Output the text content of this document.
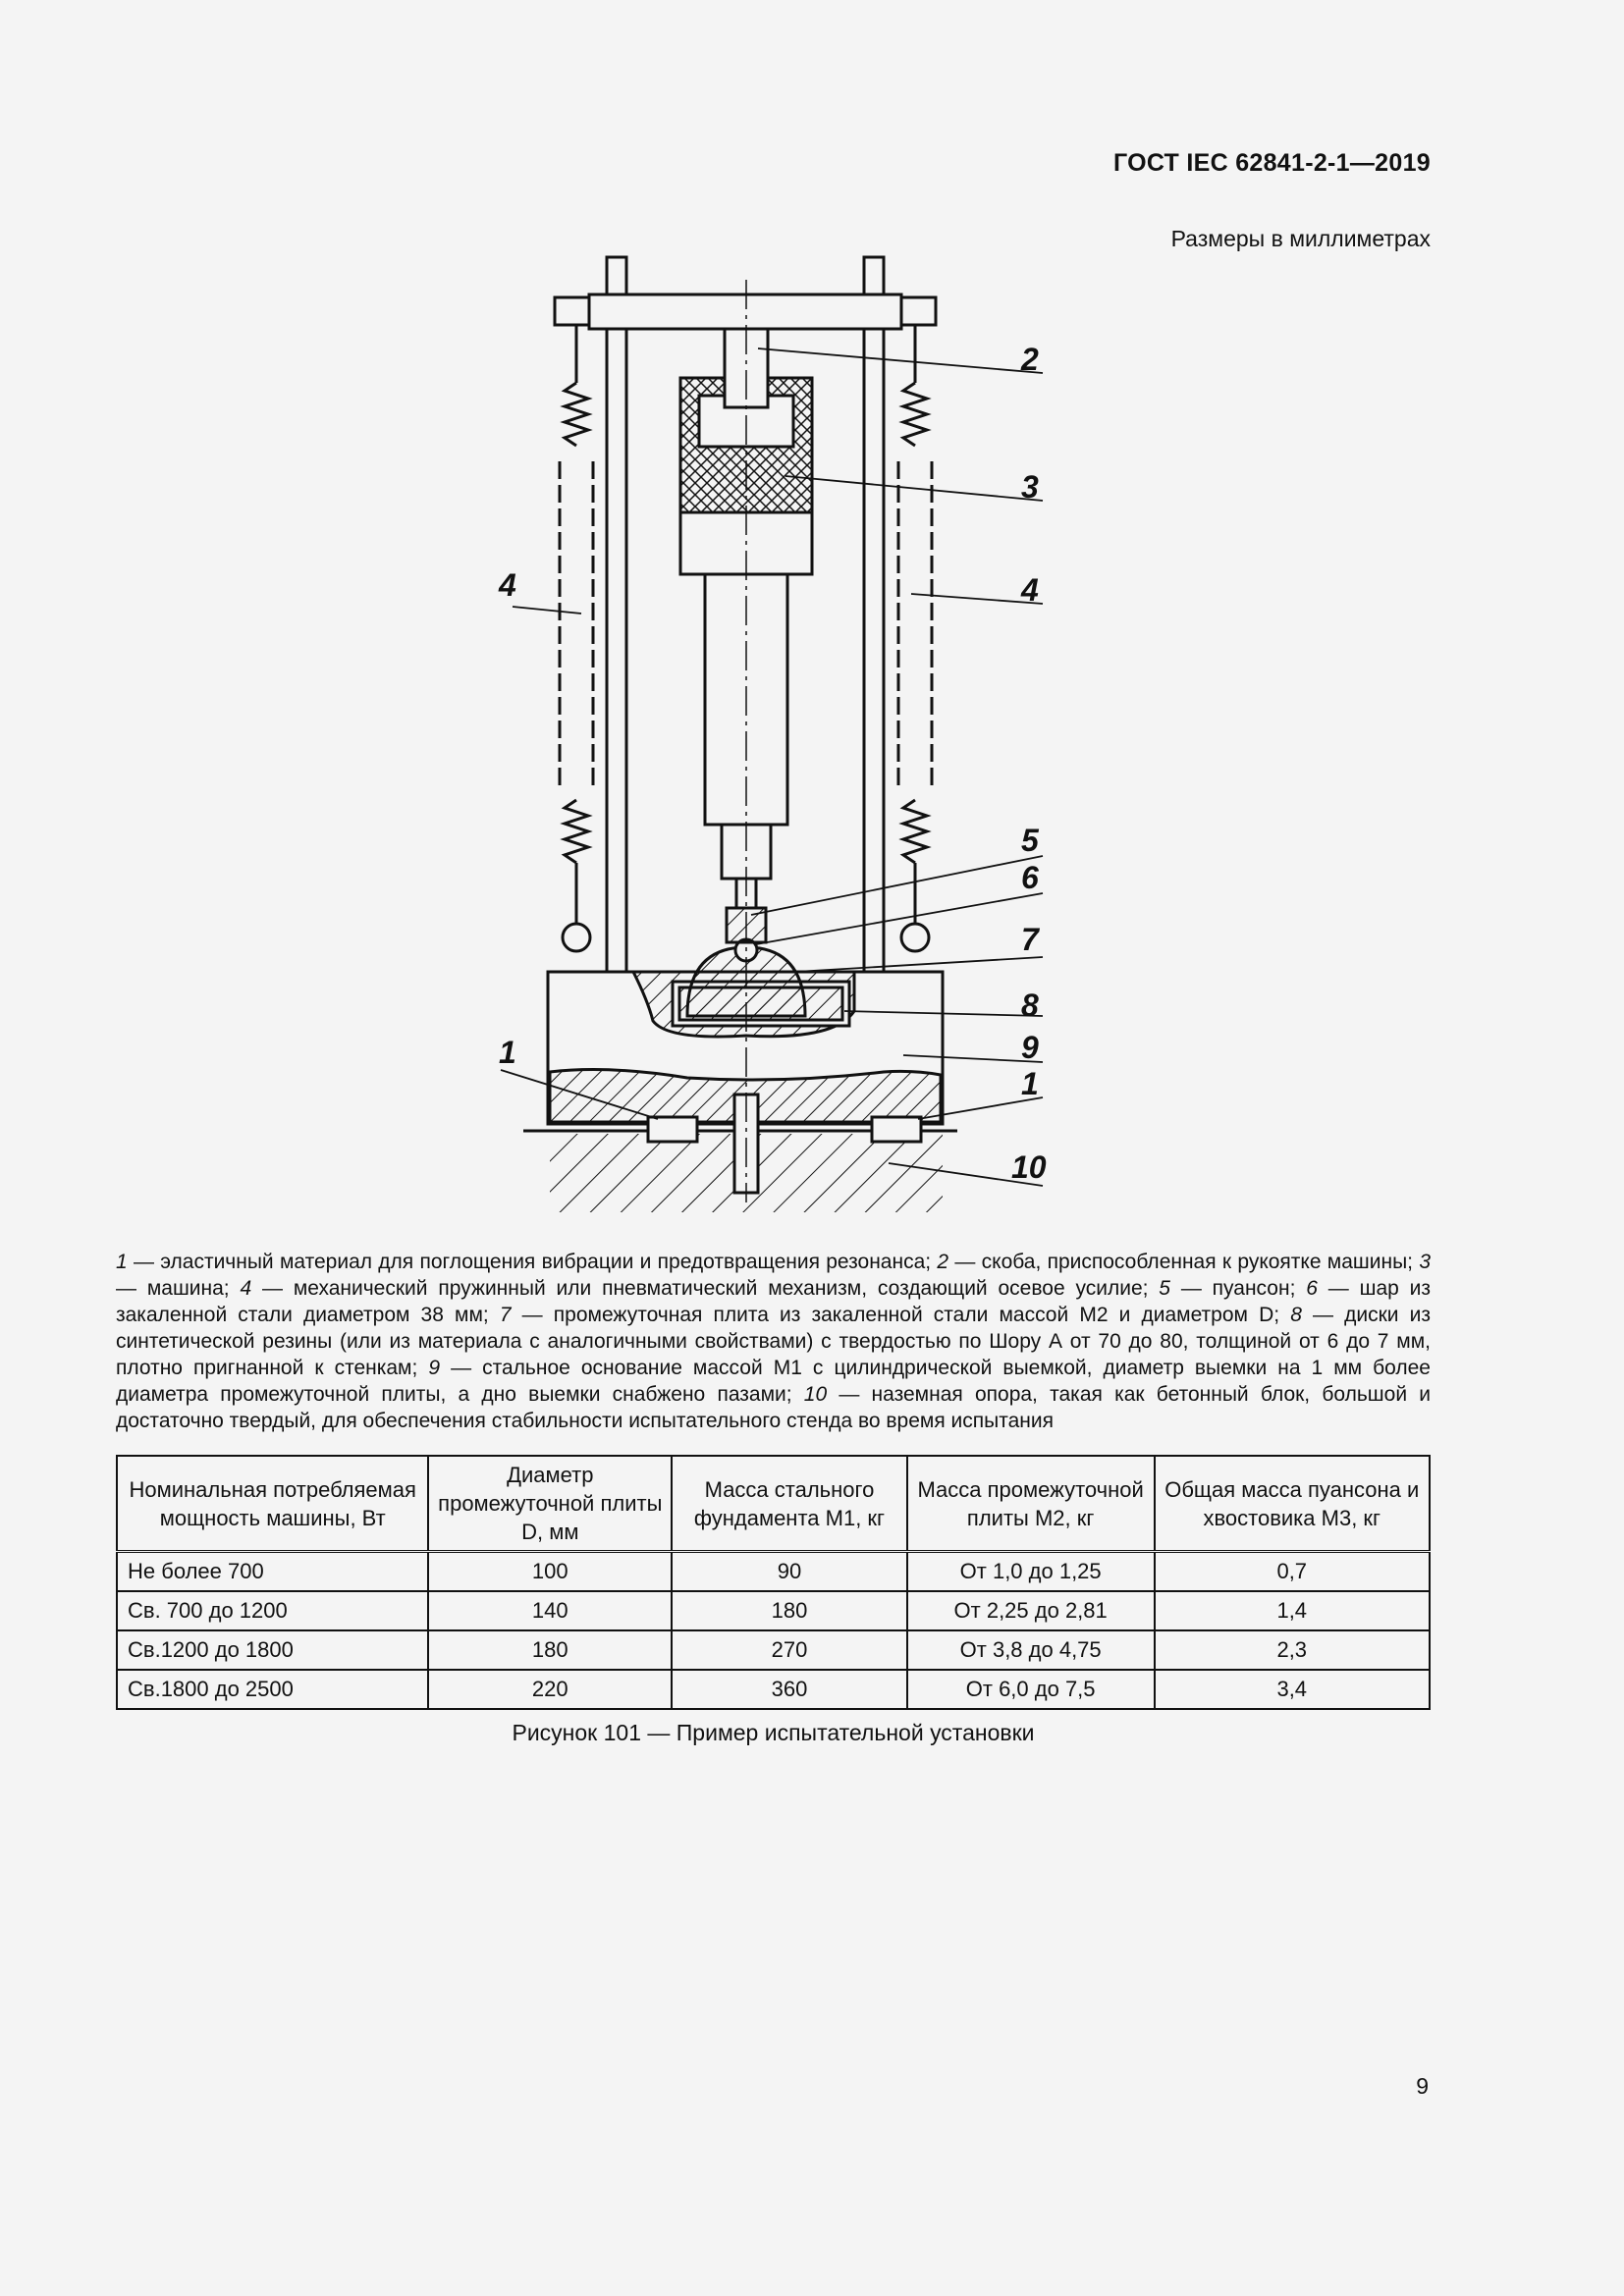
ГОСТ IEC 62841-2-1—2019
Размеры в миллиметрах
2
3
4	4
5
6
7
8
9
1
1
10

1 — эластичный материал для поглощения вибрации и предотвращения резонанса; 2 — скоба, приспособленная к рукоятке машины; 3 — машина; 4 — механический пружинный или пневматический механизм, создающий осевое усилие; 5 — пуансон; 6 — шар из закаленной стали диаметром 38 мм; 7 — промежуточная плита из закаленной стали массой M2 и диаметром D; 8 — диски из синтетической резины (или из материала с аналогичными свойствами) с твердостью по Шору А от 70 до 80, толщиной от 6 до 7 мм, плотно пригнанной к стенкам; 9 — стальное основание массой M1 с цилиндрической выемкой, диаметр выемки на 1 мм более диаметра промежуточной плиты, а дно выемки снабжено пазами; 10 — наземная опора, такая как бетонный блок, большой и достаточно твердый, для обеспечения стабильности испытательного стенда во время испытания

Номинальная потребляемая мощность машины, Вт	Диаметр промежуточной плиты D, мм	Масса стального фундамента M1, кг	Масса промежуточной плиты M2, кг	Общая масса пуансона и хвостовика M3, кг
Не более 700	100	90	От 1,0 до 1,25	0,7
Св. 700 до 1200	140	180	От 2,25 до 2,81	1,4
Св.1200 до 1800	180	270	От 3,8 до 4,75	2,3
Св.1800 до 2500	220	360	От 6,0 до 7,5	3,4
Рисунок 101 — Пример испытательной установки
9
